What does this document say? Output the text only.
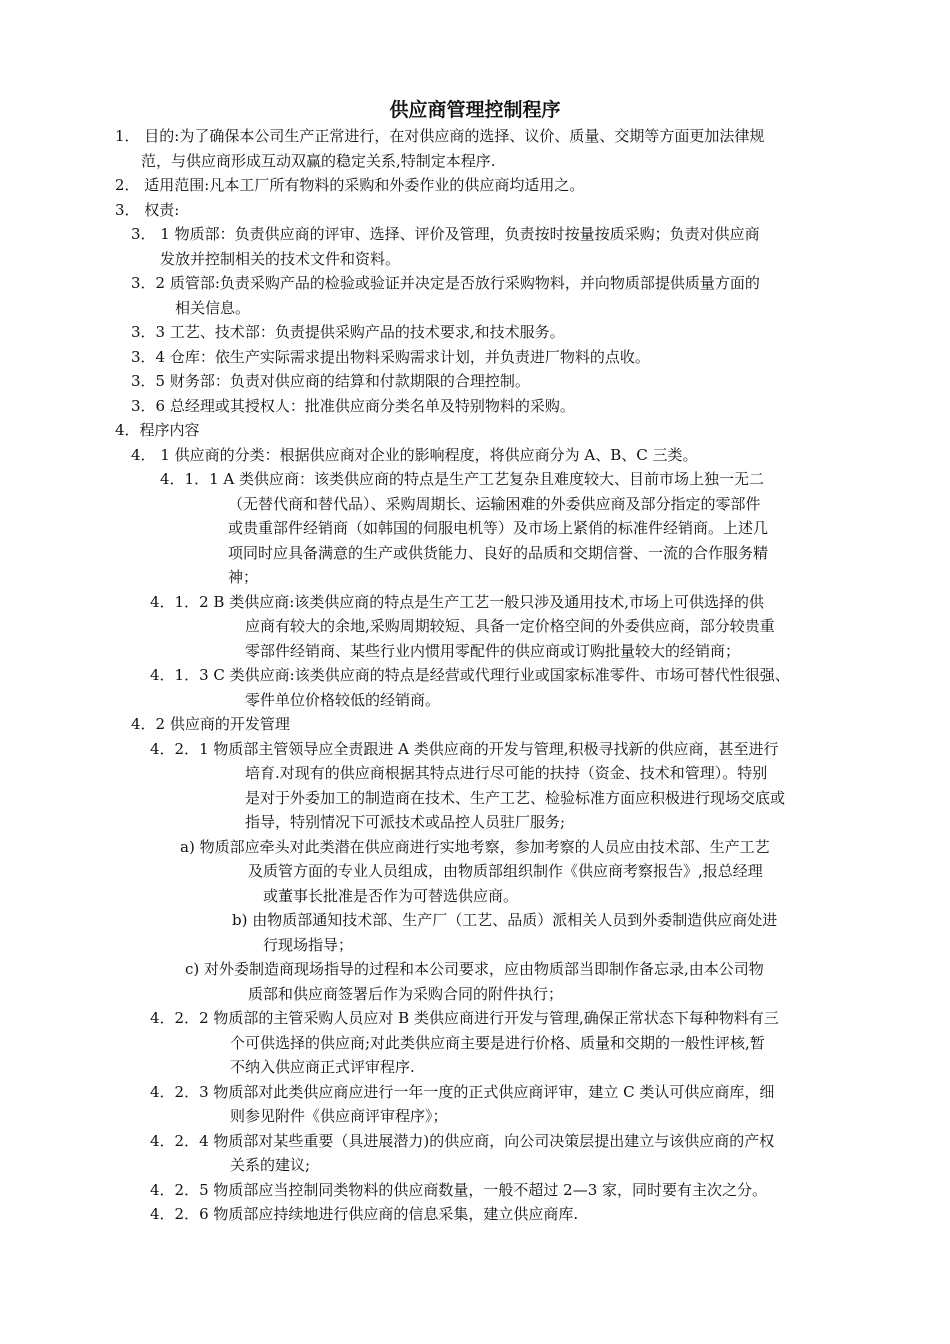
供应商管理控制程序
1． 目的:为了确保本公司生产正常进行，在对供应商的选择、议价、质量、交期等方面更加法律规
范，与供应商形成互动双赢的稳定关系,特制定本程序.
2． 适用范围:凡本工厂所有物料的采购和外委作业的供应商均适用之。
3． 权责:
3． 1 物质部：负责供应商的评审、选择、评价及管理，负责按时按量按质采购；负责对供应商
发放并控制相关的技术文件和资料。
3．2 质管部:负责采购产品的检验或验证并决定是否放行采购物料，并向物质部提供质量方面的
　相关信息。
3．3 工艺、技术部：负责提供采购产品的技术要求,和技术服务。
3．4 仓库：依生产实际需求提出物料采购需求计划，并负责进厂物料的点收。
3．5 财务部：负责对供应商的结算和付款期限的合理控制。
3．6 总经理或其授权人：批准供应商分类名单及特别物料的采购。
4．程序内容
4． 1 供应商的分类：根据供应商对企业的影响程度，将供应商分为 A、B、C 三类。
4．1．1 A 类供应商：该类供应商的特点是生产工艺复杂且难度较大、目前市场上独一无二
（无替代商和替代品）、采购周期长、运输困难的外委供应商及部分指定的零部件
或贵重部件经销商（如韩国的伺服电机等）及市场上紧俏的标准件经销商。上述几
项同时应具备满意的生产或供货能力、良好的品质和交期信誉、一流的合作服务精
神；
4．1．2 B 类供应商:该类供应商的特点是生产工艺一般只涉及通用技术,市场上可供选择的供
　应商有较大的余地,采购周期较短、具备一定价格空间的外委供应商，部分较贵重
　零部件经销商、某些行业内惯用零配件的供应商或订购批量较大的经销商；
4．1．3 C 类供应商:该类供应商的特点是经营或代理行业或国家标准零件、市场可替代性很强、
　零件单位价格较低的经销商。
4．2 供应商的开发管理
4．2．1 物质部主管领导应全责跟进 A 类供应商的开发与管理,积极寻找新的供应商，甚至进行
　培育.对现有的供应商根据其特点进行尽可能的扶持（资金、技术和管理）。特别
　是对于外委加工的制造商在技术、生产工艺、检验标准方面应积极进行现场交底或
　指导，特别情况下可派技术或品控人员驻厂服务;
a) 物质部应牵头对此类潜在供应商进行实地考察，参加考察的人员应由技术部、生产工艺
及质管方面的专业人员组成，由物质部组织制作《供应商考察报告》,报总经理
　或董事长批准是否作为可替选供应商。
b) 由物质部通知技术部、生产厂（工艺、品质）派相关人员到外委制造供应商处进
　行现场指导；
c) 对外委制造商现场指导的过程和本公司要求，应由物质部当即制作备忘录,由本公司物
质部和供应商签署后作为采购合同的附件执行；
4．2．2 物质部的主管采购人员应对 B 类供应商进行开发与管理,确保正常状态下每种物料有三
个可供选择的供应商;对此类供应商主要是进行价格、质量和交期的一般性评核,暂
不纳入供应商正式评审程序.
4．2．3 物质部对此类供应商应进行一年一度的正式供应商评审，建立 C 类认可供应商库，细
则参见附件《供应商评审程序》；
4．2．4 物质部对某些重要（具进展潜力)的供应商，向公司决策层提出建立与该供应商的产权
关系的建议;
4．2．5 物质部应当控制同类物料的供应商数量，一般不超过 2—3 家，同时要有主次之分。
4．2．6 物质部应持续地进行供应商的信息采集，建立供应商库.
